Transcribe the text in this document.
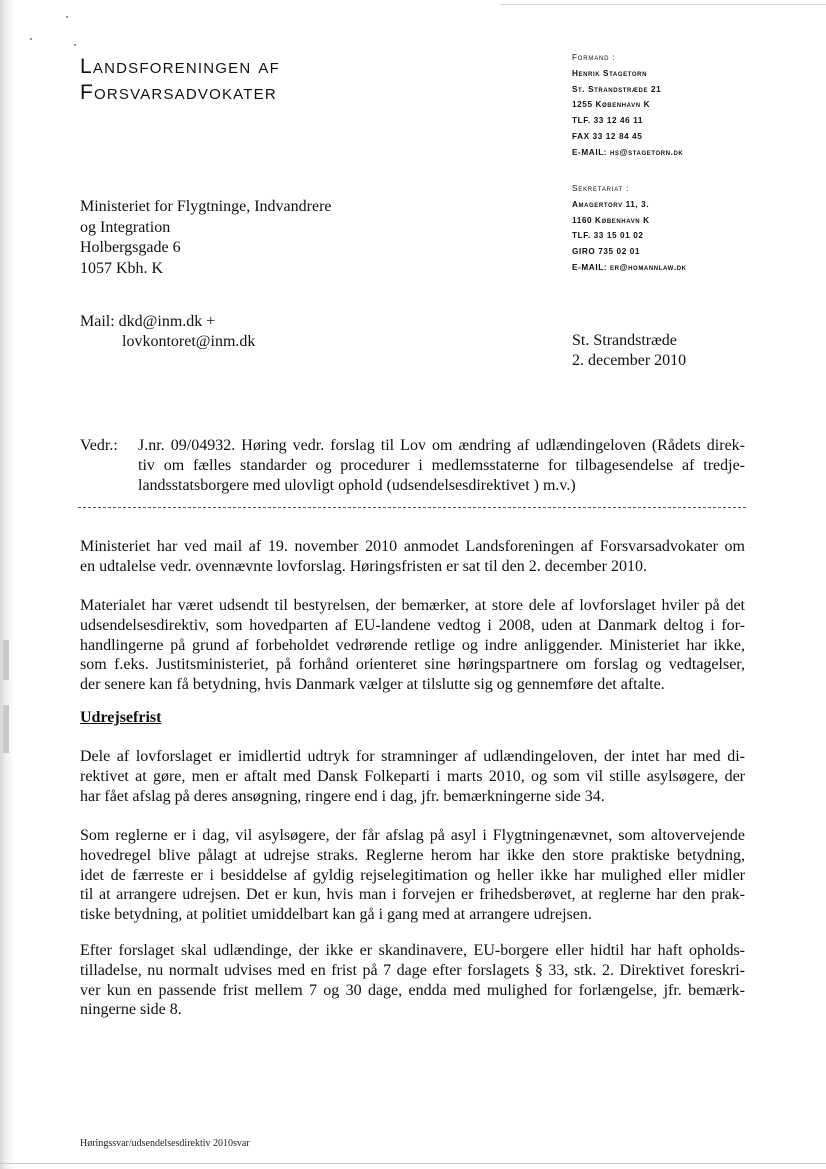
Landsforeningen af
Forsvarsadvokater
Formand :
Henrik Stagetorn
St. Strandstræde 21
1255 København K
TLF. 33 12 46 11
FAX 33 12 84 45
E-MAIL: hs@stagetorn.dk
Sekretariat :
Amagertorv 11, 3.
1160 København K
TLF. 33 15 01 02
GIRO 735 02 01
E-MAIL: er@homannlaw.dk
Ministeriet for Flygtninge, Indvandrere
og Integration
Holbergsgade 6
1057 Kbh. K
Mail: dkd@inm.dk +
lovkontoret@inm.dk	St. Strandstræde
2. december 2010
Vedr.: J.nr. 09/04932. Høring vedr. forslag til Lov om ændring af udlændingeloven (Rådets direk-
tiv om fælles standarder og procedurer i medlemsstaterne for tilbagesendelse af tredje-
landsstatsborgere med ulovligt ophold (udsendelsesdirektivet ) m.v.)
Ministeriet har ved mail af 19. november 2010 anmodet Landsforeningen af Forsvarsadvokater om
en udtalelse vedr. ovennævnte lovforslag. Høringsfristen er sat til den 2. december 2010.
Materialet har været udsendt til bestyrelsen, der bemærker, at store dele af lovforslaget hviler på det
udsendelsesdirektiv, som hovedparten af EU-landene vedtog i 2008, uden at Danmark deltog i for-
handlingerne på grund af forbeholdet vedrørende retlige og indre anliggender. Ministeriet har ikke,
som f.eks. Justitsministeriet, på forhånd orienteret sine høringspartnere om forslag og vedtagelser,
der senere kan få betydning, hvis Danmark vælger at tilslutte sig og gennemføre det aftalte.
Udrejsefrist
Dele af lovforslaget er imidlertid udtryk for stramninger af udlændingeloven, der intet har med di-
rektivet at gøre, men er aftalt med Dansk Folkeparti i marts 2010, og som vil stille asylsøgere, der
har fået afslag på deres ansøgning, ringere end i dag, jfr. bemærkningerne side 34.
Som reglerne er i dag, vil asylsøgere, der får afslag på asyl i Flygtningenævnet, som altovervejende
hovedregel blive pålagt at udrejse straks. Reglerne herom har ikke den store praktiske betydning,
idet de færreste er i besiddelse af gyldig rejselegitimation og heller ikke har mulighed eller midler
til at arrangere udrejsen. Det er kun, hvis man i forvejen er frihedsberøvet, at reglerne har den prak-
tiske betydning, at politiet umiddelbart kan gå i gang med at arrangere udrejsen.
Efter forslaget skal udlændinge, der ikke er skandinavere, EU-borgere eller hidtil har haft opholds-
tilladelse, nu normalt udvises med en frist på 7 dage efter forslagets § 33, stk. 2. Direktivet foreskri-
ver kun en passende frist mellem 7 og 30 dage, endda med mulighed for forlængelse, jfr. bemærk-
ningerne side 8.
Høringssvar/udsendelsesdirektiv 2010svar
